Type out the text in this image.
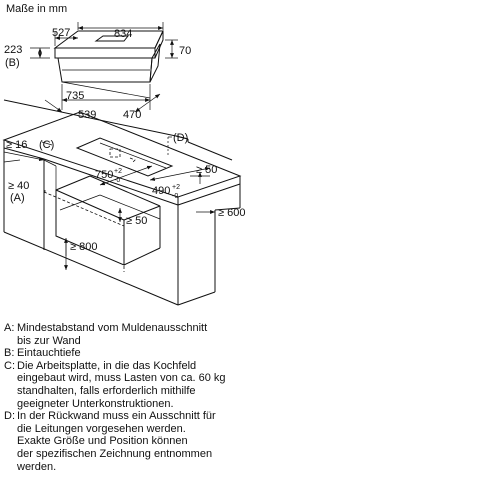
Maße in mm
527	834
223
(B)
70
735
539 470
≥ 16 (C)
(D)
750 +2
-0
490 +2
-0
≥ 40
(A)
≥ 50
≥ 50
≥ 600
≥ 800
A: Mindestabstand vom Muldenausschnitt
bis zur Wand
B: Eintauchtiefe
C: Die Arbeitsplatte, in die das Kochfeld
eingebaut wird, muss Lasten von ca. 60 kg
standhalten, falls erforderlich mithilfe
geeigneter Unterkonstruktionen.
D: In der Rückwand muss ein Ausschnitt für
die Leitungen vorgesehen werden.
Exakte Größe und Position können
der spezifischen Zeichnung entnommen
werden.
